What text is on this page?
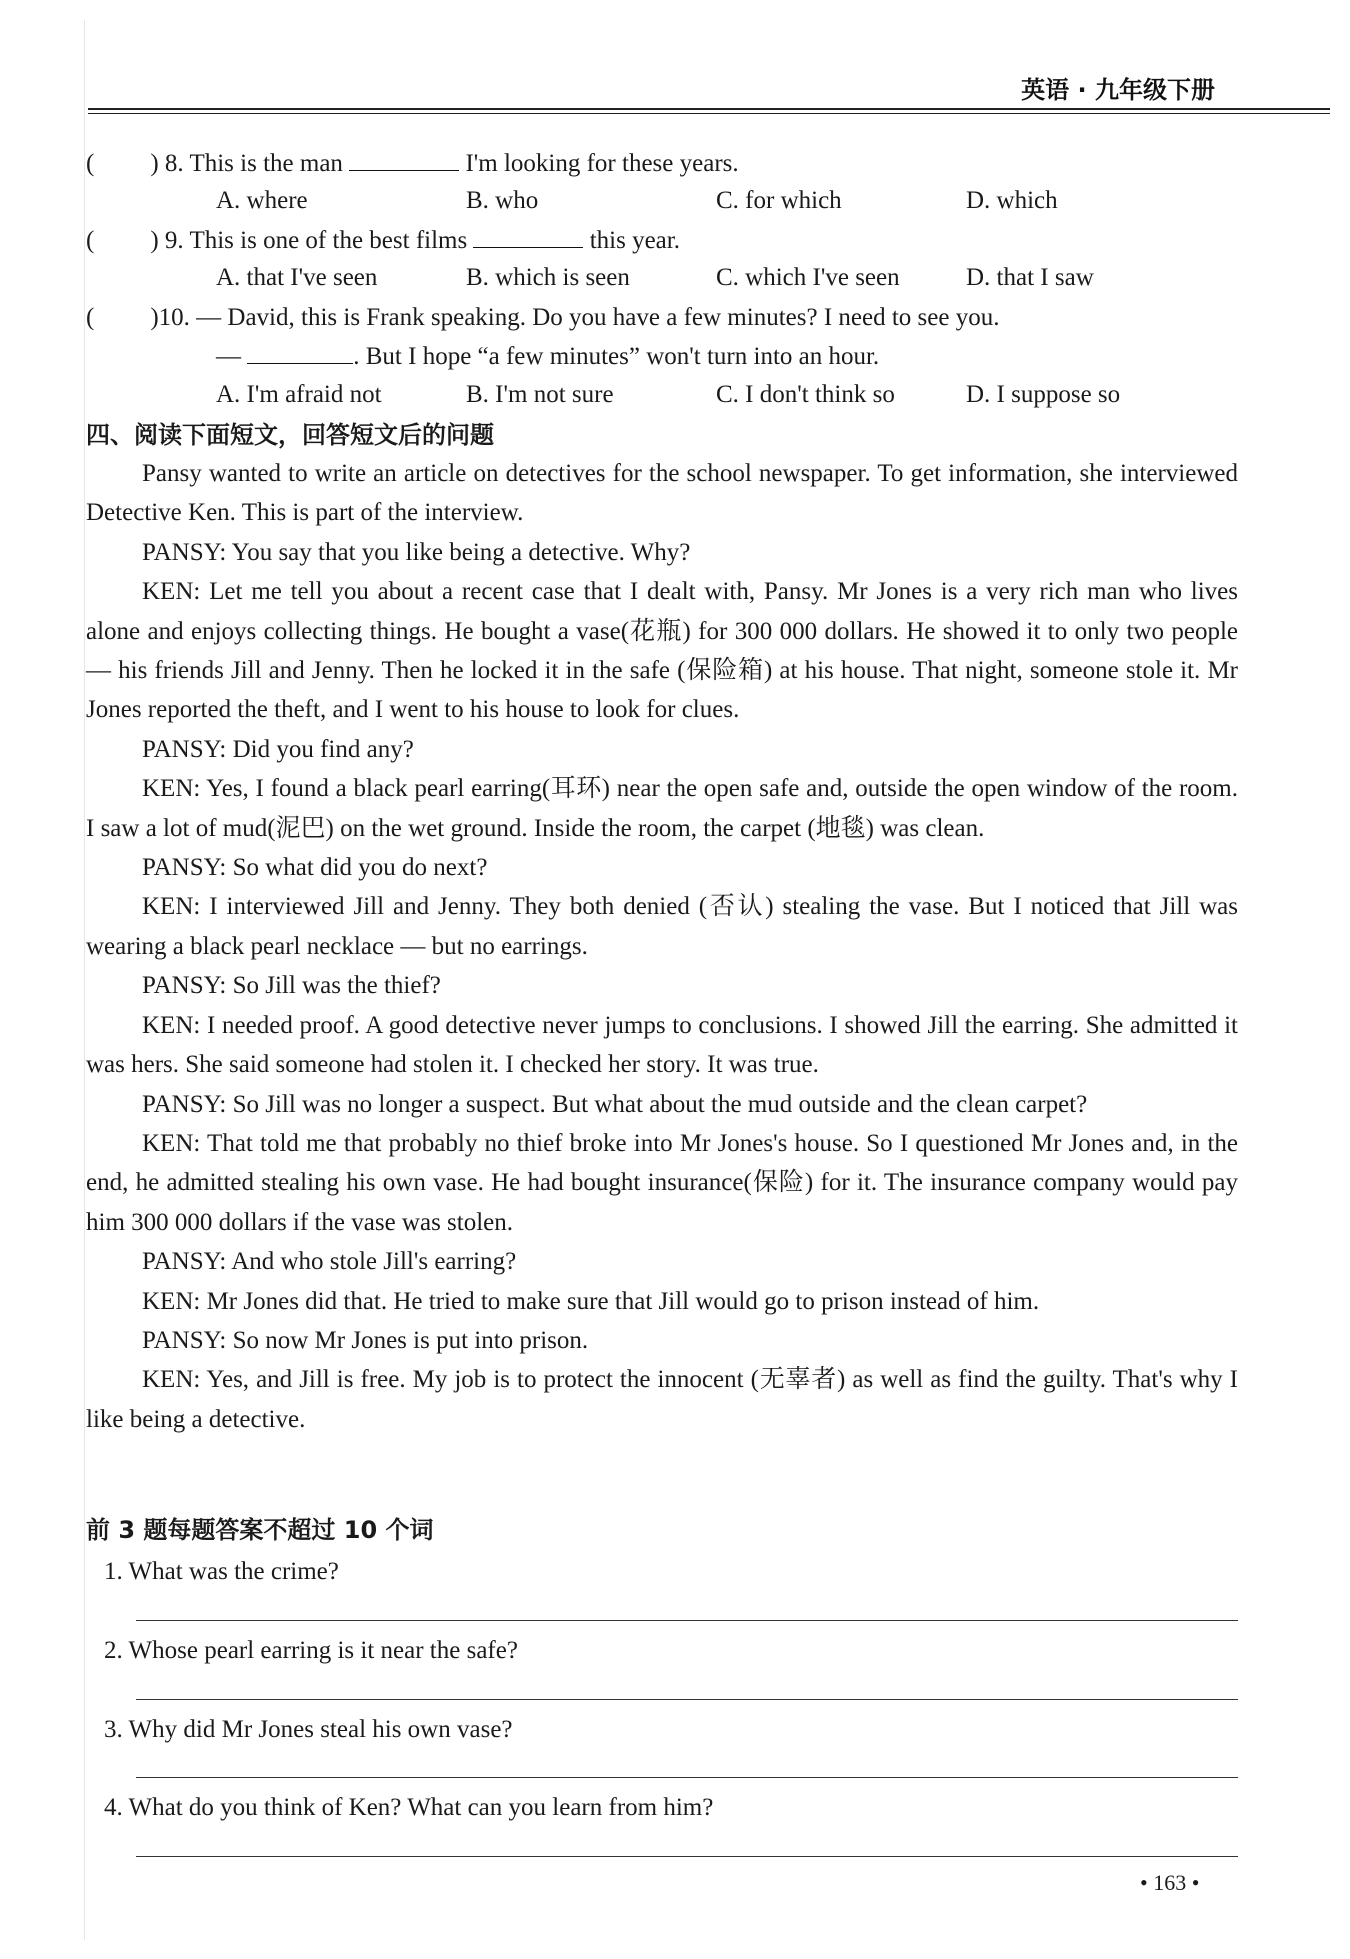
英语 · 九年级下册
( ) 8. This is the man	I'm looking for these years.
A. where	B. who	C. for which	D. which
( ) 9. This is one of the best films	this year.
A. that I've seen	B. which is seen	C. which I've seen	D. that I saw
( )10. — David, this is Frank speaking. Do you have a few minutes? I need to see you.
—	. But I hope “a few minutes” won't turn into an hour.
A. I'm afraid not	B. I'm not sure	C. I don't think so	D. I suppose so
四、阅读下面短文，回答短文后的问题

Pansy wanted to write an article on detectives for the school newspaper. To get information, she interviewed Detective Ken. This is part of the interview.

PANSY: You say that you like being a detective. Why?

KEN: Let me tell you about a recent case that I dealt with, Pansy. Mr Jones is a very rich man who lives alone and enjoys collecting things. He bought a vase(花瓶) for 300 000 dollars. He showed it to only two people — his friends Jill and Jenny. Then he locked it in the safe (保险箱) at his house. That night, someone stole it. Mr Jones reported the theft, and I went to his house to look for clues.

PANSY: Did you find any?

KEN: Yes, I found a black pearl earring(耳环) near the open safe and, outside the open window of the room. I saw a lot of mud(泥巴) on the wet ground. Inside the room, the carpet (地毯) was clean.

PANSY: So what did you do next?

KEN: I interviewed Jill and Jenny. They both denied (否认) stealing the vase. But I noticed that Jill was wearing a black pearl necklace — but no earrings.

PANSY: So Jill was the thief?

KEN: I needed proof. A good detective never jumps to conclusions. I showed Jill the earring. She admitted it was hers. She said someone had stolen it. I checked her story. It was true.

PANSY: So Jill was no longer a suspect. But what about the mud outside and the clean carpet?

KEN: That told me that probably no thief broke into Mr Jones's house. So I questioned Mr Jones and, in the end, he admitted stealing his own vase. He had bought insurance(保险) for it. The insurance company would pay him 300 000 dollars if the vase was stolen.

PANSY: And who stole Jill's earring?

KEN: Mr Jones did that. He tried to make sure that Jill would go to prison instead of him.

PANSY: So now Mr Jones is put into prison.

KEN: Yes, and Jill is free. My job is to protect the innocent (无辜者) as well as find the guilty. That's why I like being a detective.

前 3 题每题答案不超过 10 个词
1. What was the crime?
2. Whose pearl earring is it near the safe?
3. Why did Mr Jones steal his own vase?
4. What do you think of Ken? What can you learn from him?
• 163 •
